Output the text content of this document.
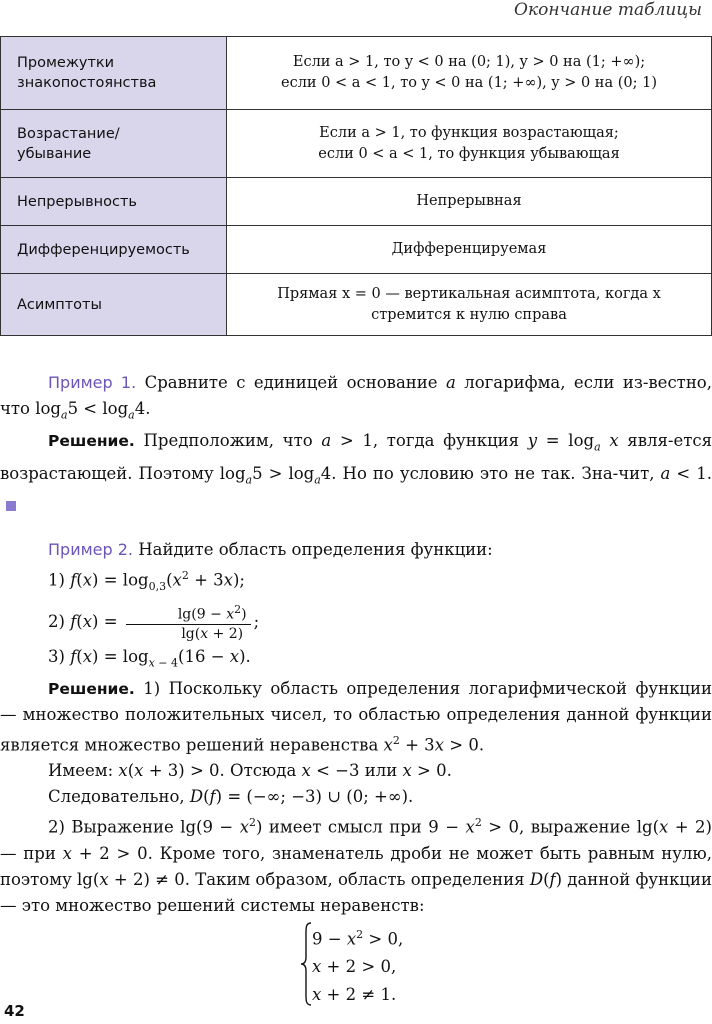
Окончание таблицы
Промежутки знакопостоянства	Если a > 1, то y < 0 на (0; 1), y > 0 на (1; +∞);
если 0 < a < 1, то y < 0 на (1; +∞), y > 0 на (0; 1)

Возрастание/ убывание	Если a > 1, то функция возрастающая;
если 0 < a < 1, то функция убывающая

Непрерывность	Непрерывная

Дифференцируемость	Дифференцируемая

Асимптоты	Прямая x = 0 — вертикальная асимптота, когда x
стремится к нулю справа

Пример 1. Сравните с единицей основание a логарифма, если из-вестно, что $\log_a5 < \log_a4$.

Решение. Предположим, что a > 1, тогда функция $y = \log_a x$ явля-ется возрастающей. Поэтому $\log_a5 > \log_a4$. Но по условию это не так. Зна-чит, a < 1.

Пример 2. Найдите область определения функции:

1) $f(x) = \log_{0,3}(x^2 + 3x)$;

2) $f(x) = \frac{\lg(9 - x^2)}{\lg(x + 2)}$ ;

3) $f(x) = \log_{x - 4}(16 - x)$.

Решение. 1) Поскольку область определения логарифмической функции — множество положительных чисел, то областью определения данной функции является множество решений неравенства $x^2 + 3x > 0$.

Имеем: x(x + 3) > 0. Отсюда x < −3 или x > 0.

Следовательно, D(f) = (−∞; −3) ∪ (0; +∞).

2) Выражение $\lg(9 - x^2)$ имеет смысл при $9 - x^2 > 0$, выражение lg(x + 2) — при x + 2 > 0. Кроме того, знаменатель дроби не может быть равным нулю, поэтому lg(x + 2) ≠ 0. Таким образом, область определения D(f) данной функции — это множество решений системы неравенств:

$9 - x^2 > 0$,
x + 2 > 0,
x + 2 ≠ 1.
42
